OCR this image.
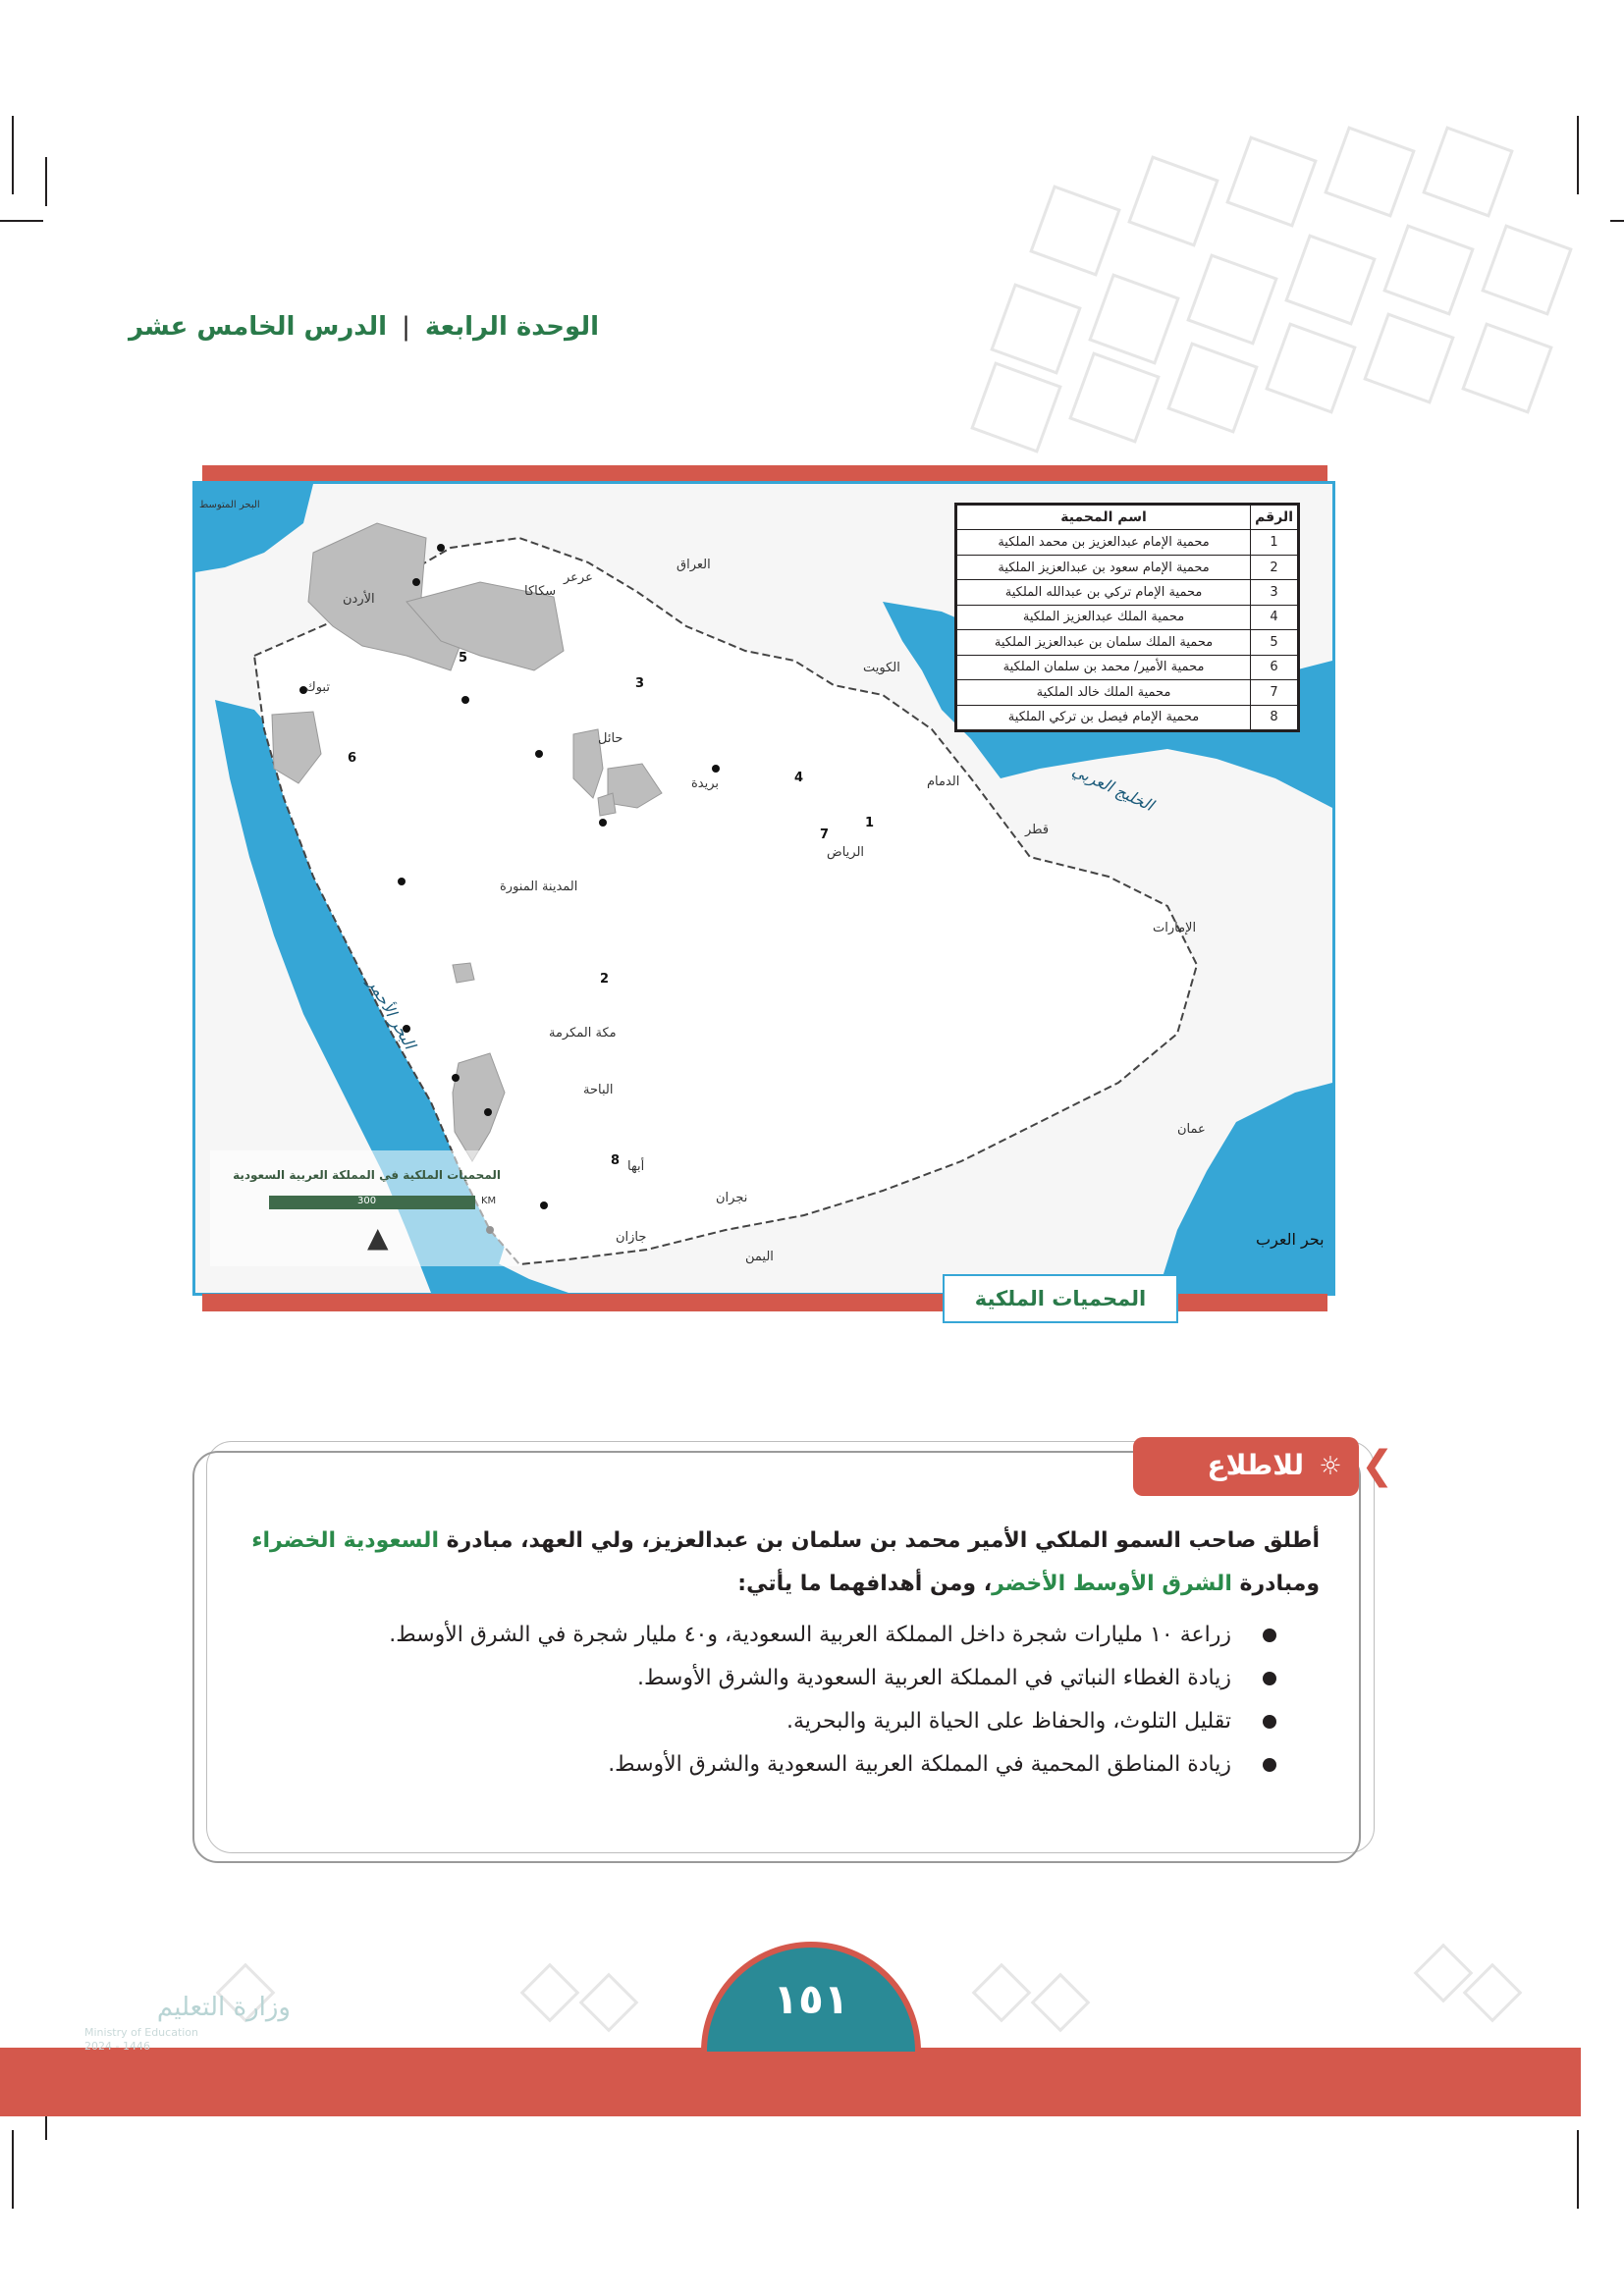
الوحدة الرابعة | الدرس الخامس عشر
البحر المتوسط
الأردن
العراق
عرعر
سكاكا
الكويت
تبوك
حائل
بريدة	الدمام	الخليج العربي
قطر
الرياض
المدينة المنورة
الإمارات
البحر الأحمر	مكة المكرمة
الباحة
عمان
أبها
نجران
جازان
اليمن
بحر العرب
1
2
3
4
5
6
7
8
الرقم	اسم المحمية
1	محمية الإمام عبدالعزيز بن محمد الملكية
2	محمية الإمام سعود بن عبدالعزيز الملكية
3	محمية الإمام تركي بن عبدالله الملكية
4	محمية الملك عبدالعزيز الملكية
5	محمية الملك سلمان بن عبدالعزيز الملكية
6	محمية الأمير/ محمد بن سلمان الملكية
7	محمية الملك خالد الملكية
8	محمية الإمام فيصل بن تركي الملكية
المحميات الملكية في المملكة العربية السعودية
300	KM
▲
المحميات الملكية
❮
☼
للاطلاع
أطلق صاحب السمو الملكي الأمير محمد بن سلمان بن عبدالعزيز، ولي العهد، مبادرة السعودية الخضراء ومبادرة الشرق الأوسط الأخضر، ومن أهدافهما ما يأتي:
زراعة ١٠ مليارات شجرة داخل المملكة العربية السعودية، و٤٠ مليار شجرة في الشرق الأوسط.
زيادة الغطاء النباتي في المملكة العربية السعودية والشرق الأوسط.
تقليل التلوث، والحفاظ على الحياة البرية والبحرية.
زيادة المناطق المحمية في المملكة العربية السعودية والشرق الأوسط.
١٥١
وزارة التعليم
Ministry of Education
2024 - 1446
